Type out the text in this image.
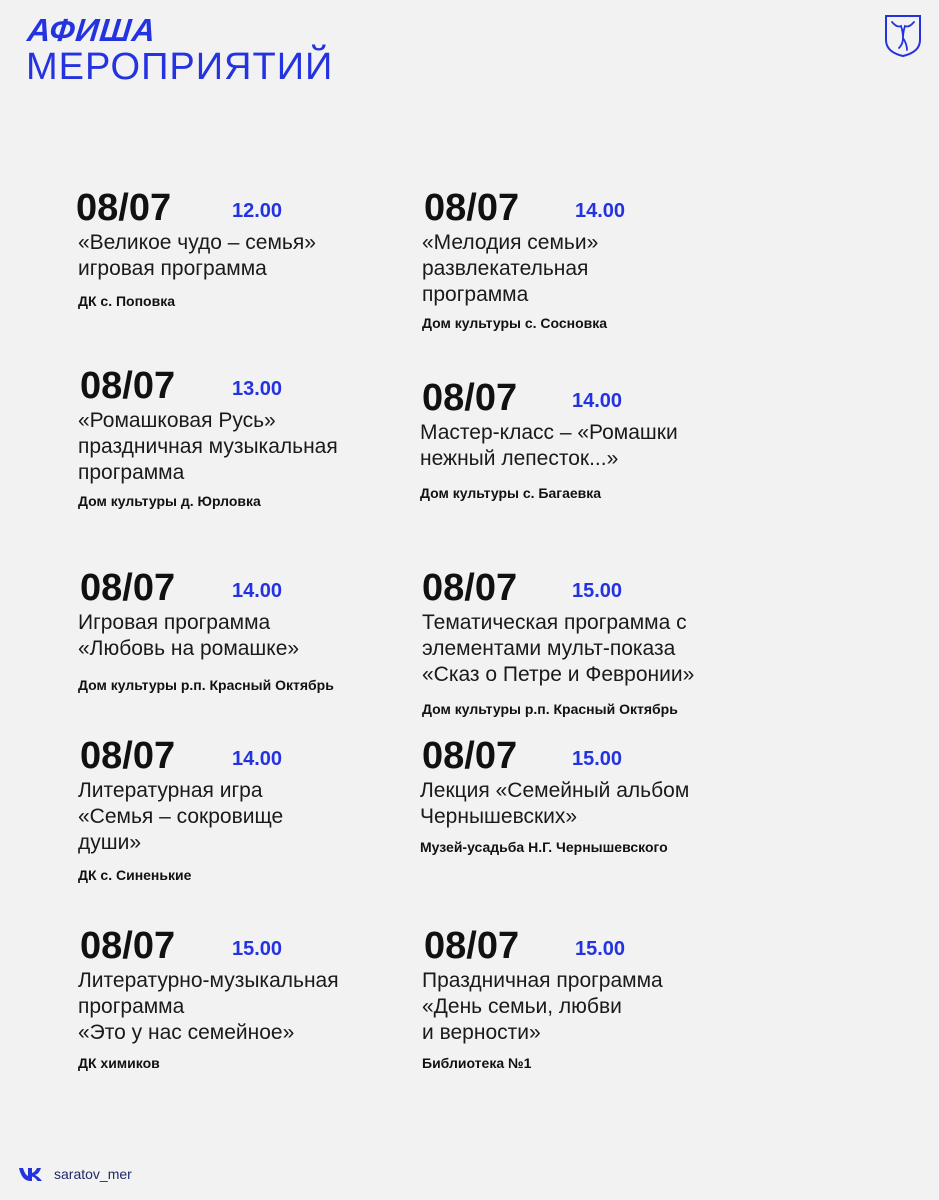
АФИША
МЕРОПРИЯТИЙ
08/07	12.00
«Великое чудо – семья»
игровая программа
ДК с. Поповка
08/07	14.00
«Мелодия семьи»
развлекательная
программа
Дом культуры с. Сосновка
08/07	13.00
«Ромашковая Русь»
праздничная музыкальная
программа
Дом культуры д. Юрловка
08/07	14.00
Мастер-класс – «Ромашки
нежный лепесток...»
Дом культуры с. Багаевка
08/07	14.00
Игровая программа
«Любовь на ромашке»
Дом культуры р.п. Красный Октябрь
08/07	15.00
Тематическая программа с
элементами мульт-показа
«Сказ о Петре и Февронии»
Дом культуры р.п. Красный Октябрь
08/07	14.00
Литературная игра
«Семья – сокровище
души»
ДК с. Синенькие
08/07	15.00
Лекция «Семейный альбом
Чернышевских»
Музей-усадьба Н.Г. Чернышевского
08/07	15.00
Литературно-музыкальная
программа
«Это у нас семейное»
ДК химиков
08/07	15.00
Праздничная программа
«День семьи, любви
и верности»
Библиотека №1
saratov_mer
